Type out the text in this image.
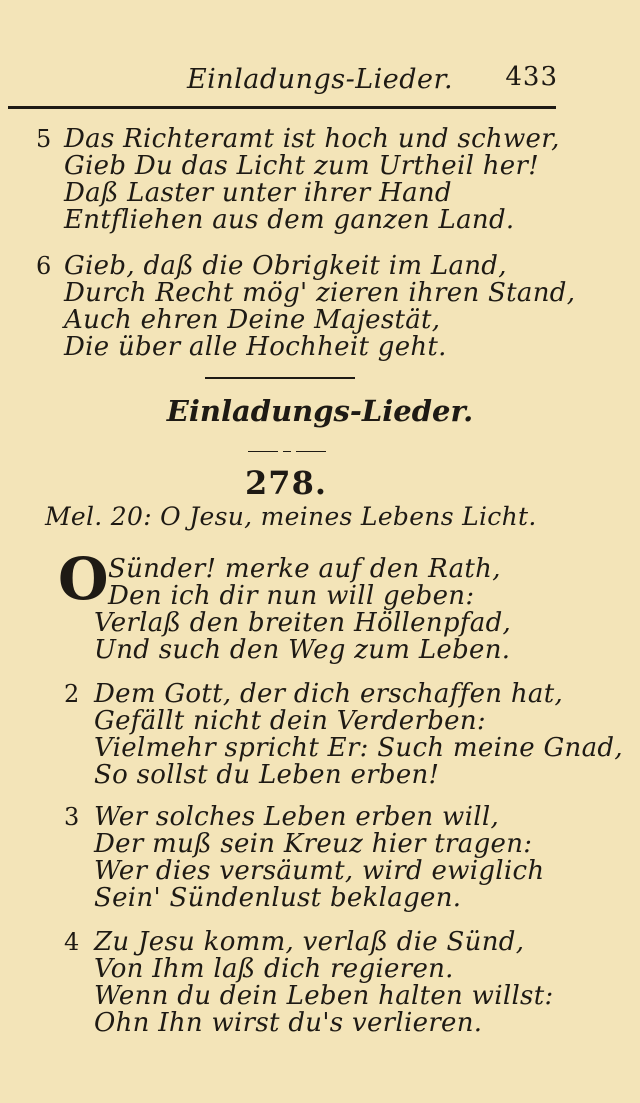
Einladungs-Lieder.	433
5 Das Richteramt ist hoch und schwer,
Gieb Du das Licht zum Urtheil her!
Daß Laster unter ihrer Hand
Entfliehen aus dem ganzen Land.
6 Gieb, daß die Obrigkeit im Land,
Durch Recht mög' zieren ihren Stand,
Auch ehren Deine Majestät,
Die über alle Hochheit geht.
Einladungs-Lieder.
278.
Mel. 20: O Jesu, meines Lebens Licht.
O Sünder! merke auf den Rath,
Den ich dir nun will geben:
Verlaß den breiten Höllenpfad,
Und such den Weg zum Leben.
2 Dem Gott, der dich erschaffen hat,
Gefällt nicht dein Verderben:
Vielmehr spricht Er: Such meine Gnad,
So sollst du Leben erben!
3 Wer solches Leben erben will,
Der muß sein Kreuz hier tragen:
Wer dies versäumt, wird ewiglich
Sein' Sündenlust beklagen.
4 Zu Jesu komm, verlaß die Sünd,
Von Ihm laß dich regieren.
Wenn du dein Leben halten willst:
Ohn Ihn wirst du's verlieren.
